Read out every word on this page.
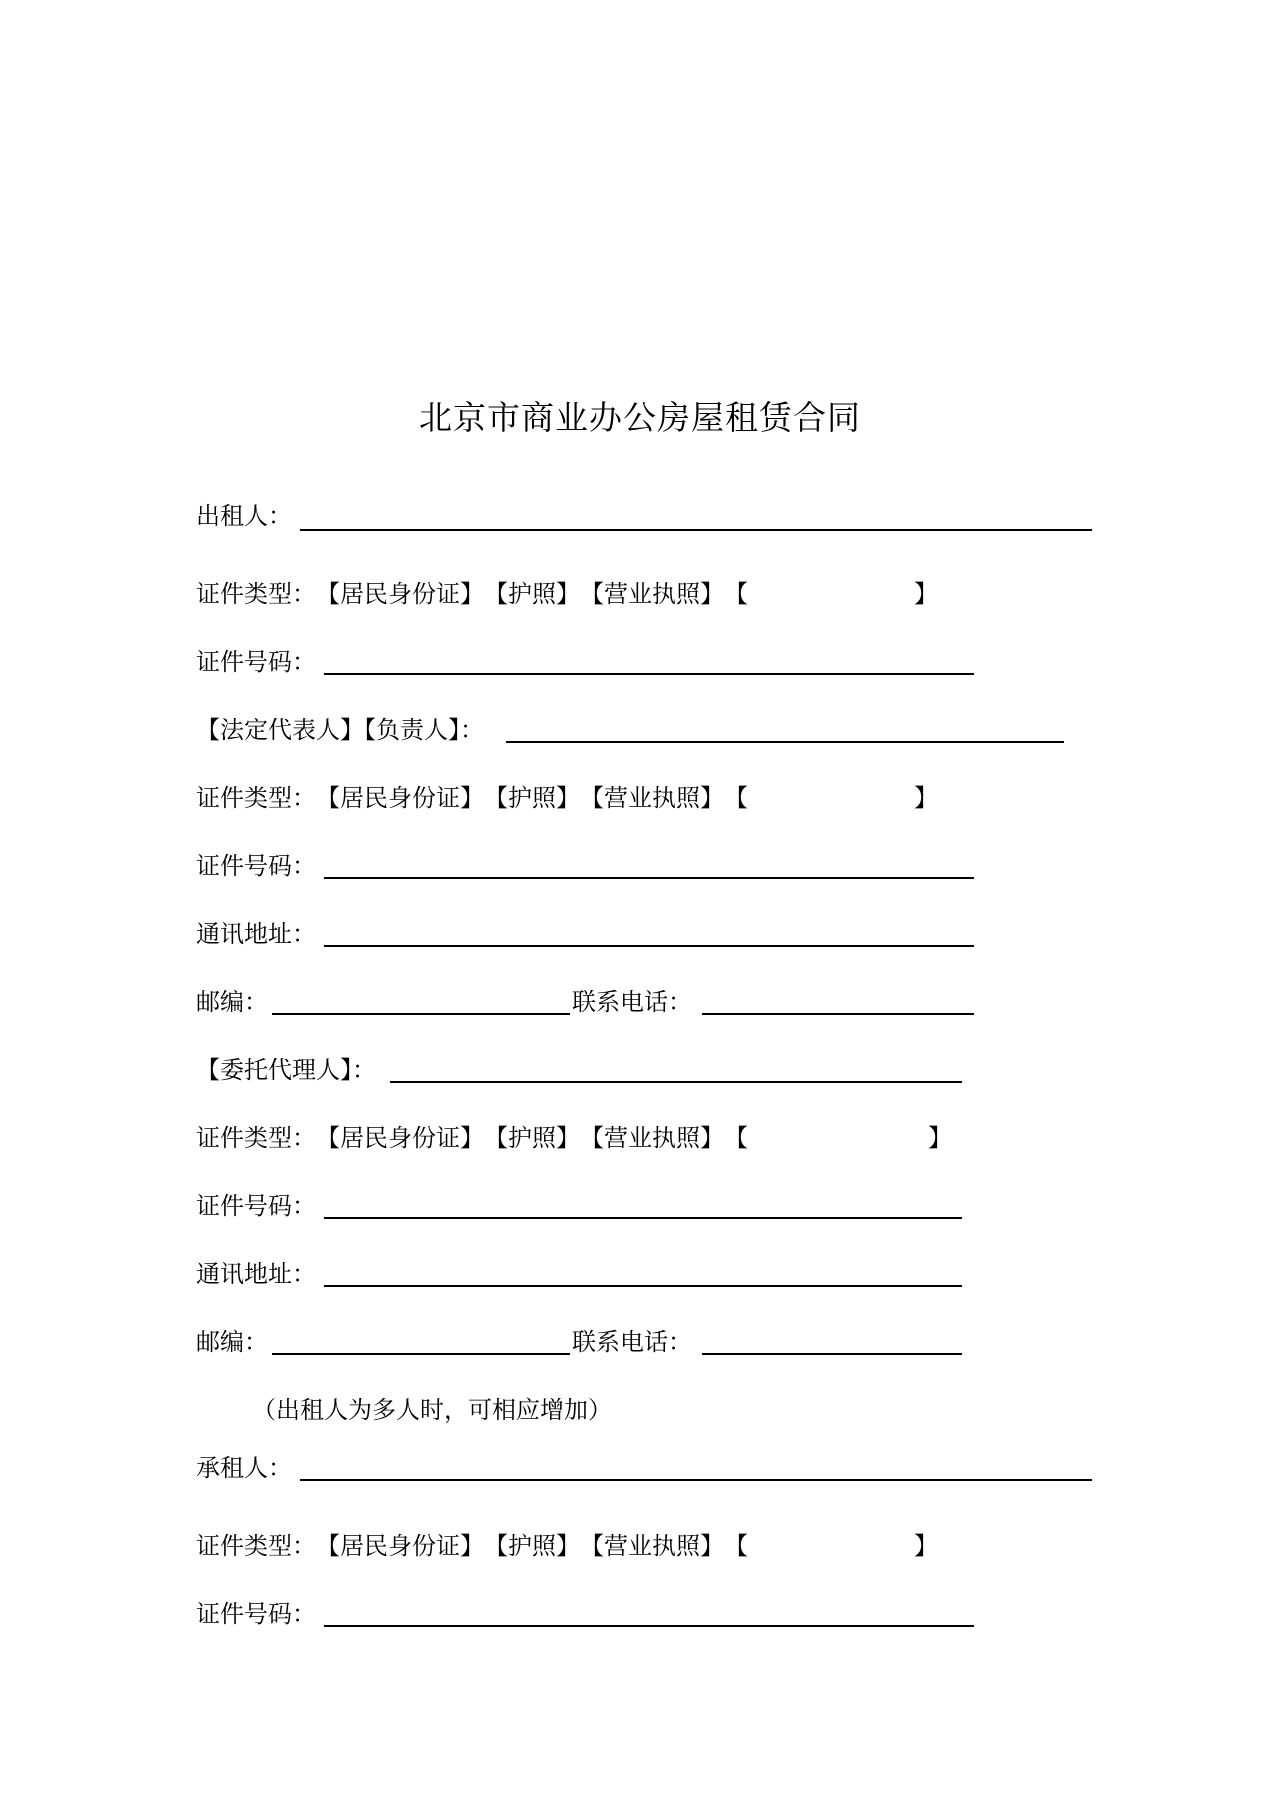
北京市商业办公房屋租赁合同
出租人：
证件类型：【居民身份证】【护照】【营业执照】【	】
证件号码：
【法定代表人】【负责人】：
证件类型：【居民身份证】【护照】【营业执照】【	】
证件号码：
通讯地址：
邮编：	联系电话：
【委托代理人】：
证件类型：【居民身份证】【护照】【营业执照】【	】
证件号码：
通讯地址：
邮编：	联系电话：
（出租人为多人时，可相应增加）
承租人：
证件类型：【居民身份证】【护照】【营业执照】【	】
证件号码：
